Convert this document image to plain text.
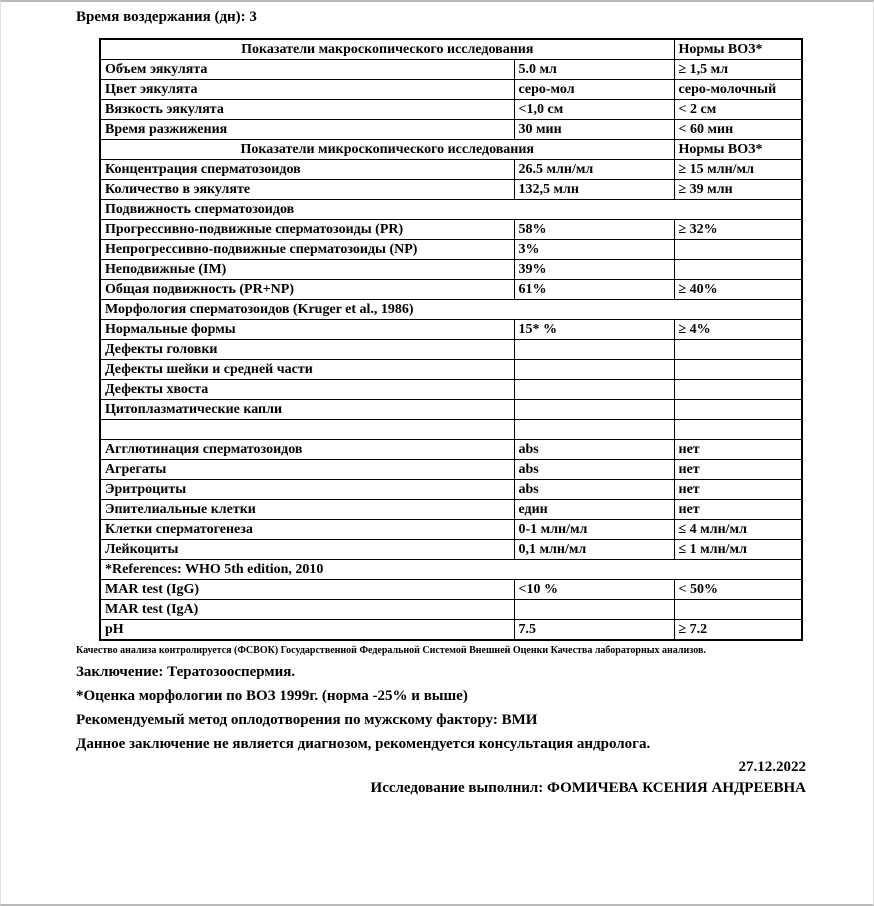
Время воздержания (дн): 3
Показатели макроскопического исследования		Нормы ВОЗ*
Объем эякулята	5.0 мл	≥ 1,5 мл
Цвет эякулята	серо-мол	серо-молочный
Вязкость эякулята	<1,0 см	< 2 см
Время разжижения	30 мин	< 60 мин
Показатели микроскопического исследования		Нормы ВОЗ*
Концентрация сперматозоидов	26.5 млн/мл	≥ 15 млн/мл
Количество в эякуляте	132,5 млн	≥ 39 млн
Подвижность сперматозоидов		
Прогрессивно-подвижные сперматозоиды (PR)	58%	≥ 32%
Непрогрессивно-подвижные сперматозоиды (NP)	3%	
Неподвижные (IM)	39%	
Общая подвижность (PR+NP)	61%	≥ 40%
Морфология сперматозоидов (Kruger et al., 1986)		
Нормальные формы	15* %	≥ 4%
Дефекты головки		
Дефекты шейки и средней части		
Дефекты хвоста		
Цитоплазматические капли		

Агглютинация сперматозоидов	abs	нет
Агрегаты	abs	нет
Эритроциты	abs	нет
Эпителиальные клетки	един	нет
Клетки сперматогенеза	0-1 млн/мл	≤ 4 млн/мл
Лейкоциты	0,1 млн/мл	≤ 1 млн/мл
*References: WHO 5th edition, 2010		
MAR test (IgG)	<10 %	< 50%
MAR test (IgA)		
pH	7.5	≥ 7.2
Качество анализа контролируется (ФСВОК) Государственной Федеральной Системой Внешней Оценки Качества лабораторных анализов.
Заключение: Тератозооспермия.
*Оценка морфологии по ВОЗ 1999г. (норма -25% и выше)
Рекомендуемый метод оплодотворения по мужскому фактору: ВМИ
Данное заключение не является диагнозом, рекомендуется консультация андролога.
27.12.2022
Исследование выполнил: ФОМИЧЕВА КСЕНИЯ АНДРЕЕВНА
